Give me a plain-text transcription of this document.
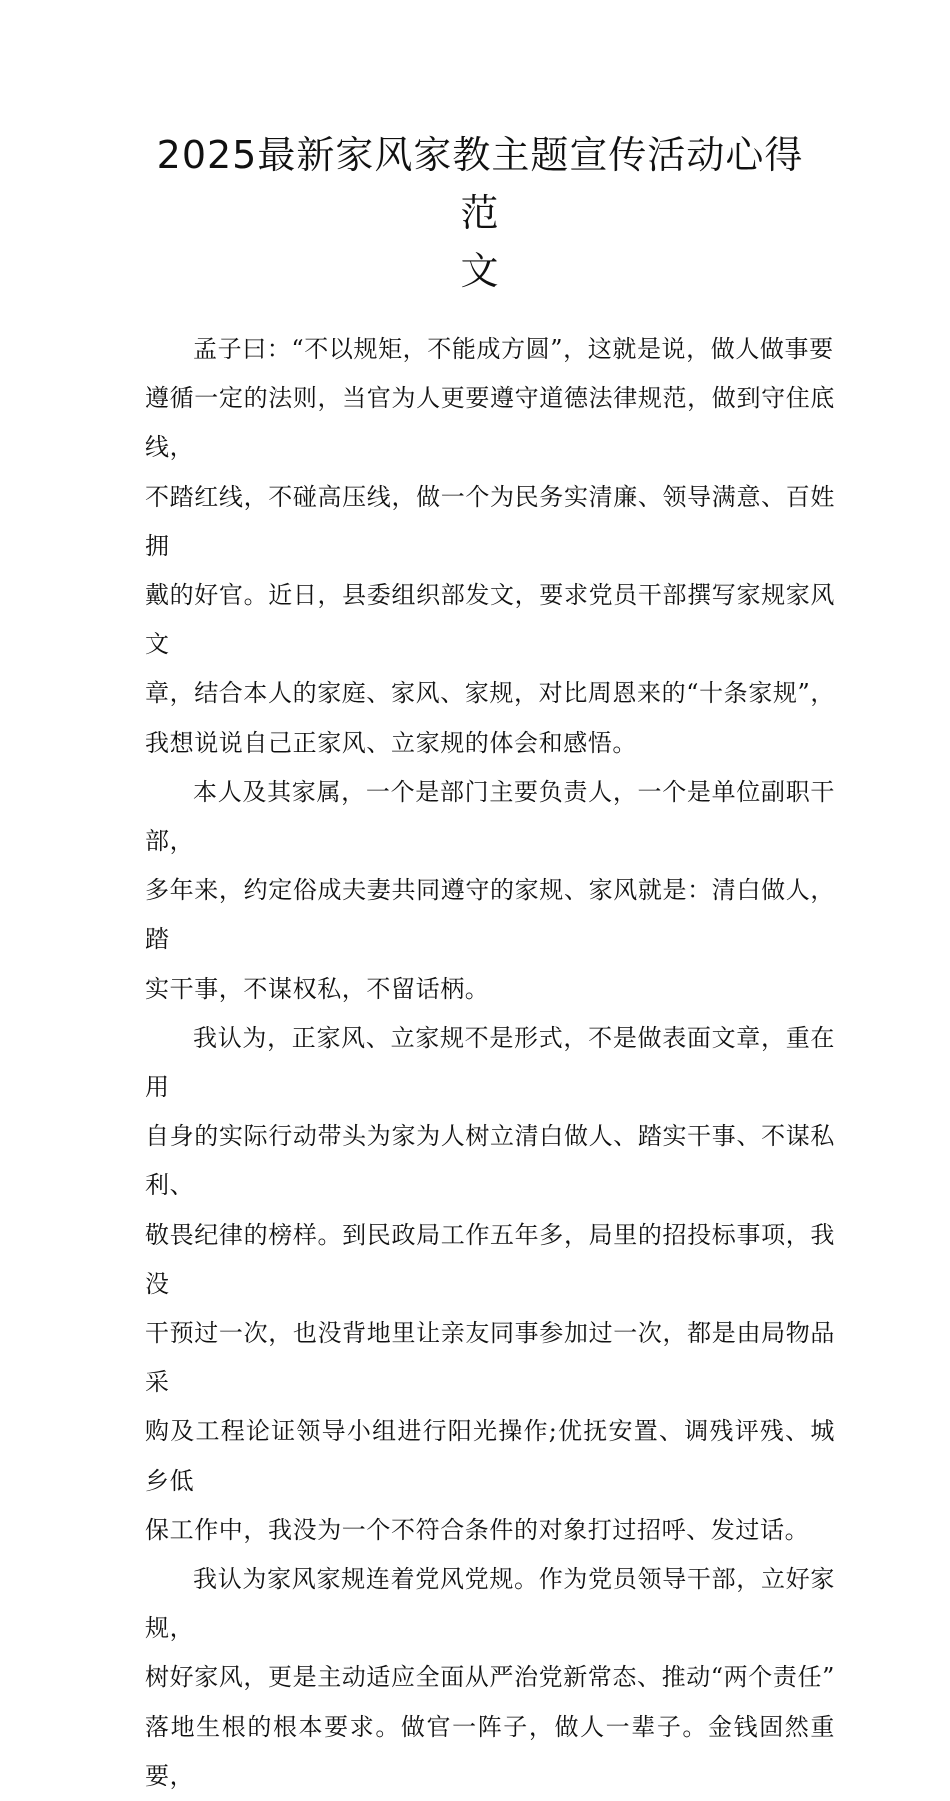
2025最新家风家教主题宣传活动心得范
文

孟子曰：“不以规矩，不能成方圆”，这就是说，做人做事要
遵循一定的法则，当官为人更要遵守道德法律规范，做到守住底线，
不踏红线，不碰高压线，做一个为民务实清廉、领导满意、百姓拥
戴的好官。近日，县委组织部发文，要求党员干部撰写家规家风文
章，结合本人的家庭、家风、家规，对比周恩来的“十条家规”，
我想说说自己正家风、立家规的体会和感悟。

本人及其家属，一个是部门主要负责人，一个是单位副职干部，
多年来，约定俗成夫妻共同遵守的家规、家风就是：清白做人，踏
实干事，不谋权私，不留话柄。

我认为，正家风、立家规不是形式，不是做表面文章，重在用
自身的实际行动带头为家为人树立清白做人、踏实干事、不谋私利、
敬畏纪律的榜样。到民政局工作五年多，局里的招投标事项，我没
干预过一次，也没背地里让亲友同事参加过一次，都是由局物品采
购及工程论证领导小组进行阳光操作;优抚安置、调残评残、城乡低
保工作中，我没为一个不符合条件的对象打过招呼、发过话。

我认为家风家规连着党风党规。作为党员领导干部，立好家规，
树好家风，更是主动适应全面从严治党新常态、推动“两个责任”
落地生根的根本要求。做官一阵子，做人一辈子。金钱固然重要，
